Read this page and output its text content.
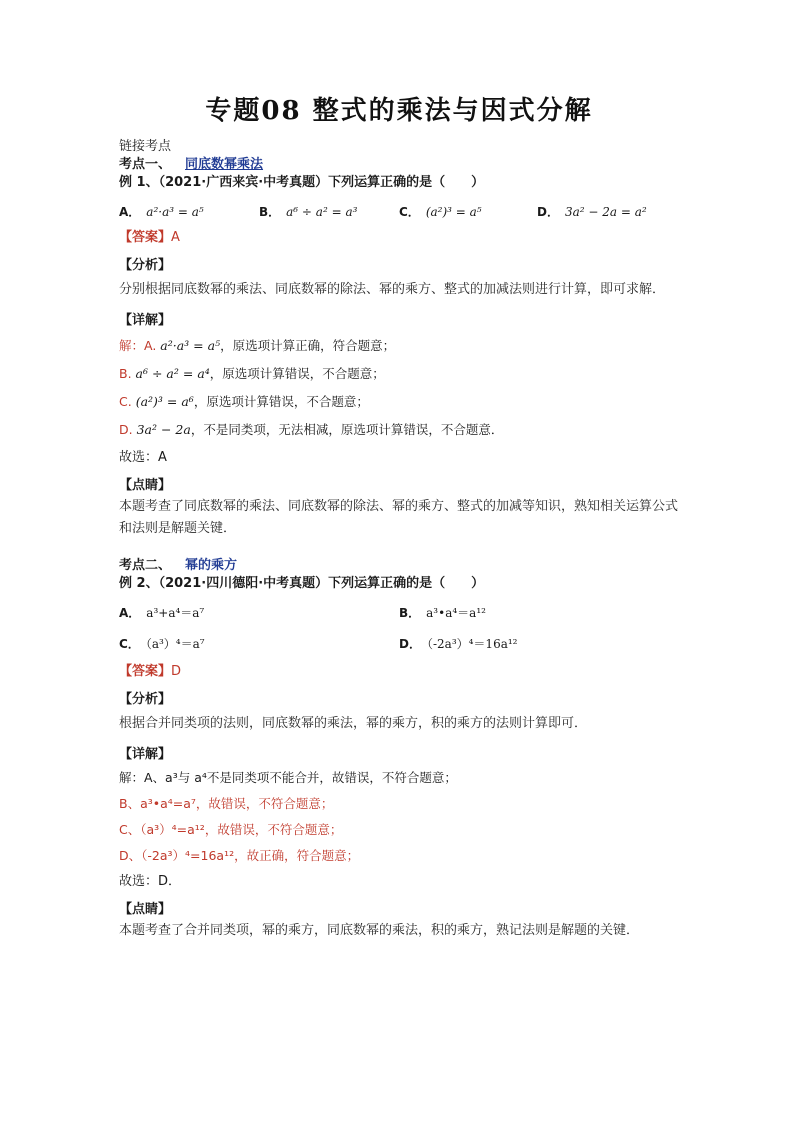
专题08 整式的乘法与因式分解
链接考点
考点一、 同底数幂乘法
例 1、（2021·广西来宾·中考真题）下列运算正确的是（　　）
A． a²·a³ = a⁵	B． a⁶ ÷ a² = a³	C． (a²)³ = a⁵	D． 3a² − 2a = a²
【答案】A
【分析】
分别根据同底数幂的乘法、同底数幂的除法、幂的乘方、整式的加减法则进行计算，即可求解．
【详解】
解：A. a²·a³ = a⁵，原选项计算正确，符合题意；
B. a⁶ ÷ a² = a⁴，原选项计算错误，不合题意；
C. (a²)³ = a⁶，原选项计算错误，不合题意；
D. 3a² − 2a，不是同类项，无法相减，原选项计算错误，不合题意．
故选：A
【点睛】
本题考查了同底数幂的乘法、同底数幂的除法、幂的乘方、整式的加减等知识，熟知相关运算公式和法则是解题关键．
考点二、 幂的乘方
例 2、（2021·四川德阳·中考真题）下列运算正确的是（　　）
A． a³+a⁴＝a⁷	B． a³•a⁴＝a¹²
C． （a³）⁴＝a⁷	D． （-2a³）⁴＝16a¹²
【答案】D
【分析】
根据合并同类项的法则，同底数幂的乘法，幂的乘方，积的乘方的法则计算即可．
【详解】
解：A、a³与 a⁴不是同类项不能合并，故错误，不符合题意；
B、a³•a⁴=a⁷，故错误，不符合题意；
C、（a³）⁴=a¹²，故错误，不符合题意；
D、（-2a³）⁴=16a¹²，故正确，符合题意；
故选：D．
【点睛】
本题考查了合并同类项，幂的乘方，同底数幂的乘法，积的乘方，熟记法则是解题的关键．
